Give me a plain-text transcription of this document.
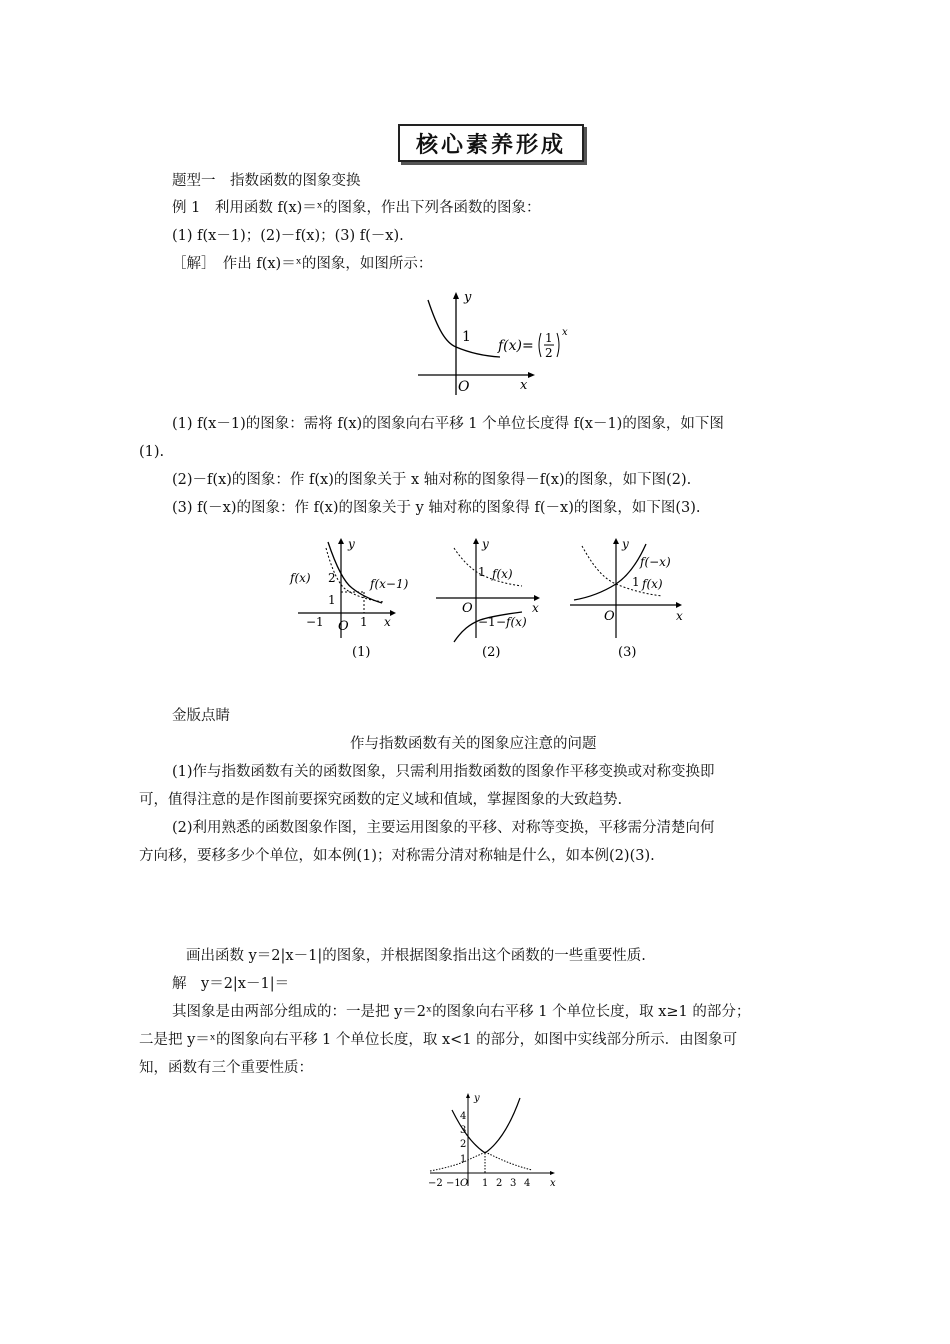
核心素养形成
题型一　指数函数的图象变换
例 1　利用函数 f(x)＝ˣ的图象，作出下列各函数的图象：
(1) f(x－1)；(2)－f(x)；(3) f(－x).
［解］　作出 f(x)＝ˣ的图象，如图所示：
y
x
O
1
f(x)= 1
2
x
(1) f(x－1)的图象：需将 f(x)的图象向右平移 1 个单位长度得 f(x－1)的图象，如下图
(1).
(2)－f(x)的图象：作 f(x)的图象关于 x 轴对称的图象得－f(x)的图象，如下图(2).
(3) f(－x)的图象：作 f(x)的图象关于 y 轴对称的图象得 f(－x)的图象，如下图(3).
y
x
O
f(x) 2
1
f(x−1)
−1	1
(1)
y
x
O
1 f(x)
−1 −f(x)
(2)
y
x
O
f(−x)
1 f(x)
(3)
金版点睛
作与指数函数有关的图象应注意的问题
(1)作与指数函数有关的函数图象，只需利用指数函数的图象作平移变换或对称变换即
可，值得注意的是作图前要探究函数的定义域和值域，掌握图象的大致趋势.
(2)利用熟悉的函数图象作图，主要运用图象的平移、对称等变换，平移需分清楚向何
方向移，要移多少个单位，如本例(1)；对称需分清对称轴是什么，如本例(2)(3).
画出函数 y＝2|x－1|的图象，并根据图象指出这个函数的一些重要性质.
解　y＝2|x－1|＝
其图象是由两部分组成的：一是把 y＝2ˣ的图象向右平移 1 个单位长度，取 x≥1 的部分；
二是把 y＝ˣ的图象向右平移 1 个单位长度，取 x<1 的部分，如图中实线部分所示．由图象可
知，函数有三个重要性质：
y
x
4
3
2
1
−2 −1 O 1 2 3 4
